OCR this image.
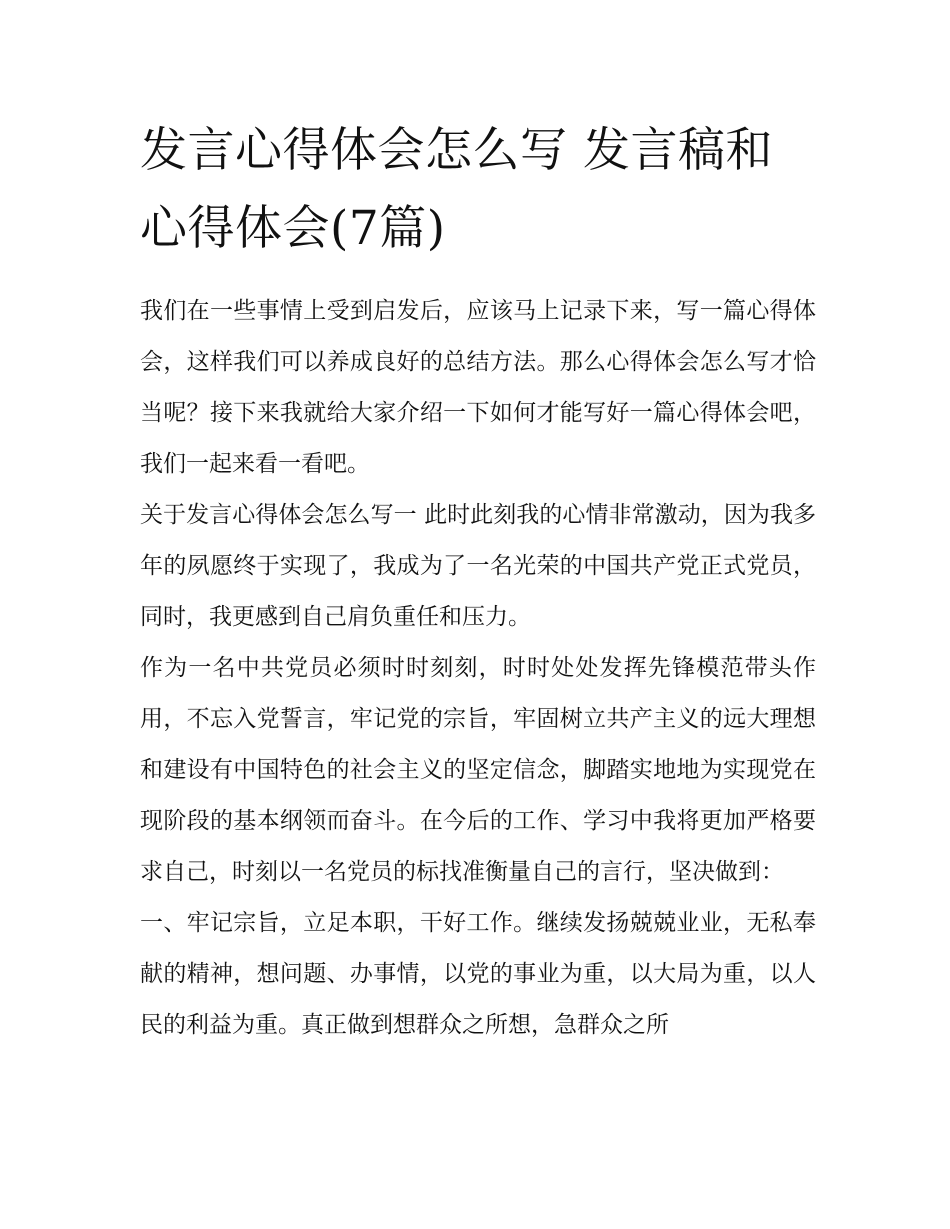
发言心得体会怎么写 发言稿和心得体会(7篇)

我们在一些事情上受到启发后，应该马上记录下来，写一篇心得体会，这样我们可以养成良好的总结方法。那么心得体会怎么写才恰当呢？接下来我就给大家介绍一下如何才能写好一篇心得体会吧，我们一起来看一看吧。

关于发言心得体会怎么写一 此时此刻我的心情非常激动，因为我多年的夙愿终于实现了，我成为了一名光荣的中国共产党正式党员，同时，我更感到自己肩负重任和压力。

作为一名中共党员必须时时刻刻，时时处处发挥先锋模范带头作用，不忘入党誓言，牢记党的宗旨，牢固树立共产主义的远大理想和建设有中国特色的社会主义的坚定信念，脚踏实地地为实现党在现阶段的基本纲领而奋斗。在今后的工作、学习中我将更加严格要求自己，时刻以一名党员的标找准衡量自己的言行，坚决做到：

一、牢记宗旨，立足本职，干好工作。继续发扬兢兢业业，无私奉献的精神，想问题、办事情，以党的事业为重，以大局为重，以人民的利益为重。真正做到想群众之所想，急群众之所
